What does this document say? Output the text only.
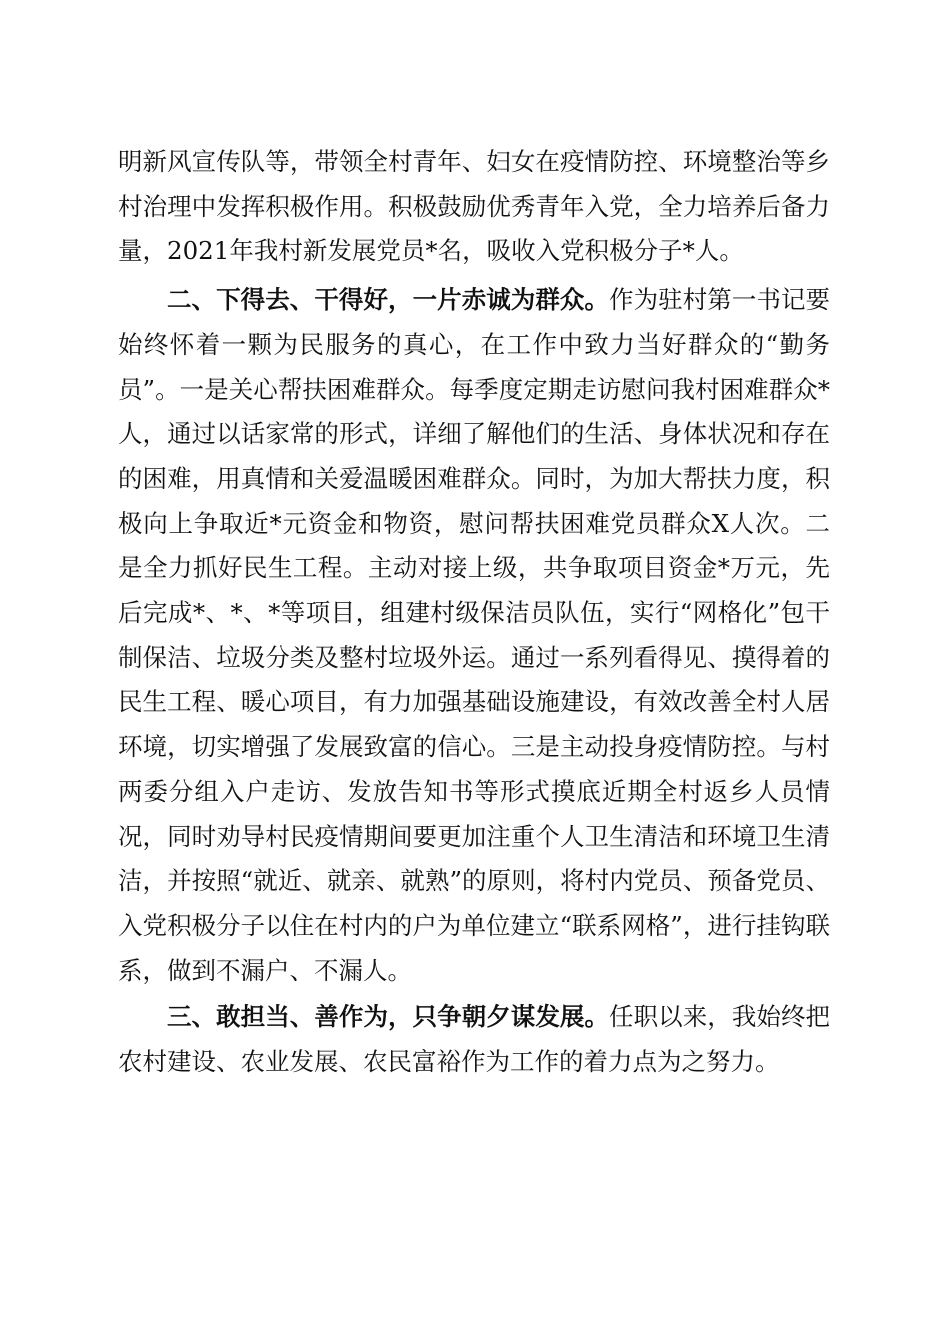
明新风宣传队等，带领全村青年、妇女在疫情防控、环境整治等乡村治理中发挥积极作用。积极鼓励优秀青年入党，全力培养后备力量，2021年我村新发展党员*名，吸收入党积极分子*人。

二、下得去、干得好，一片赤诚为群众。作为驻村第一书记要始终怀着一颗为民服务的真心，在工作中致力当好群众的“勤务员”。一是关心帮扶困难群众。每季度定期走访慰问我村困难群众*人，通过以话家常的形式，详细了解他们的生活、身体状况和存在的困难，用真情和关爱温暖困难群众。同时，为加大帮扶力度，积极向上争取近*元资金和物资，慰问帮扶困难党员群众X人次。二是全力抓好民生工程。主动对接上级，共争取项目资金*万元，先后完成*、*、*等项目，组建村级保洁员队伍，实行“网格化”包干制保洁、垃圾分类及整村垃圾外运。通过一系列看得见、摸得着的民生工程、暖心项目，有力加强基础设施建设，有效改善全村人居环境，切实增强了发展致富的信心。三是主动投身疫情防控。与村两委分组入户走访、发放告知书等形式摸底近期全村返乡人员情况，同时劝导村民疫情期间要更加注重个人卫生清洁和环境卫生清洁，并按照“就近、就亲、就熟”的原则，将村内党员、预备党员、入党积极分子以住在村内的户为单位建立“联系网格”，进行挂钩联系，做到不漏户、不漏人。

三、敢担当、善作为，只争朝夕谋发展。任职以来，我始终把农村建设、农业发展、农民富裕作为工作的着力点为之努力。
